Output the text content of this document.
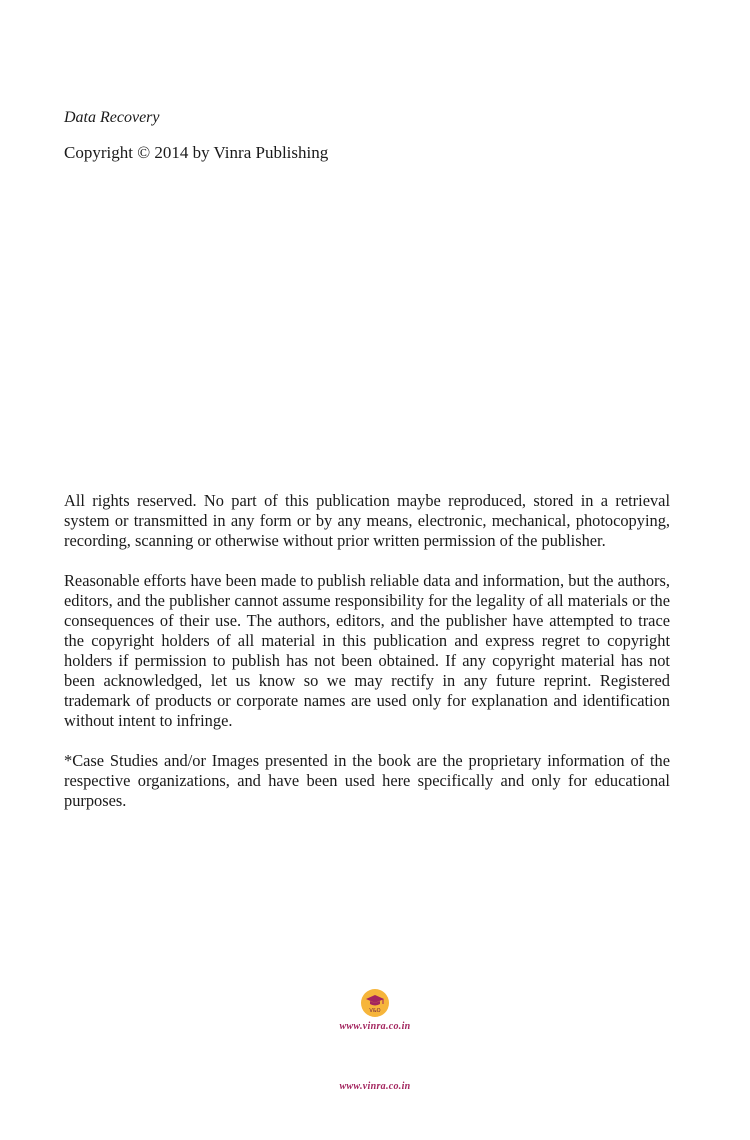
Data Recovery
Copyright © 2014 by Vinra Publishing

All rights reserved. No part of this publication maybe reproduced, stored in a retrieval system or transmitted in any form or by any means, electronic, mechanical, photocopying, recording, scanning or otherwise without prior written permission of the publisher.

Reasonable efforts have been made to publish reliable data and information, but the authors, editors, and the publisher cannot assume responsibility for the legality of all materials or the consequences of their use. The authors, editors, and the publisher have attempted to trace the copyright holders of all material in this publication and express regret to copyright holders if permission to publish has not been obtained. If any copyright material has not been acknowledged, let us know so we may rectify in any future reprint. Registered trademark of products or corporate names are used only for explanation and identification without intent to infringe.

*Case Studies and/or Images presented in the book are the proprietary information of the respective organizations, and have been used here specifically and only for educational purposes.

V&O
www.vinra.co.in
www.vinra.co.in
